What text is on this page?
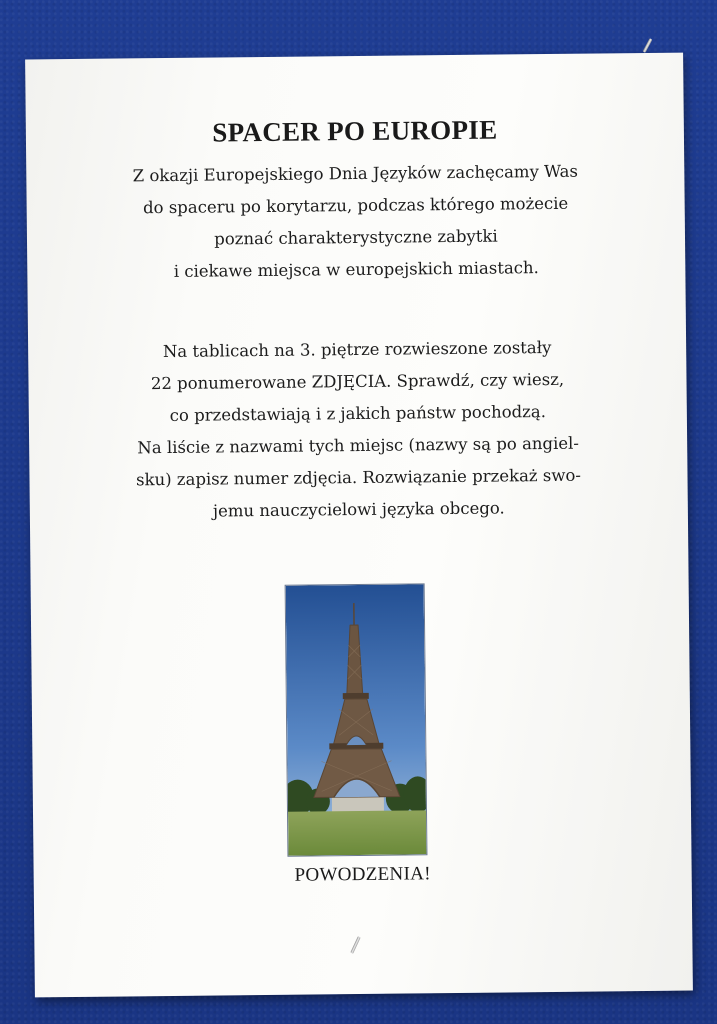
SPACER PO EUROPIE

Z okazji Europejskiego Dnia Języków zachęcamy Was
do spaceru po korytarzu, podczas którego możecie
poznać charakterystyczne zabytki
i ciekawe miejsca w europejskich miastach.

Na tablicach na 3. piętrze rozwieszone zostały
22 ponumerowane ZDJĘCIA. Sprawdź, czy wiesz,
co przedstawiają i z jakich państw pochodzą.
Na liście z nazwami tych miejsc (nazwy są po angiel-
sku) zapisz numer zdjęcia. Rozwiązanie przekaż swo-
jemu nauczycielowi języka obcego.

POWODZENIA!
